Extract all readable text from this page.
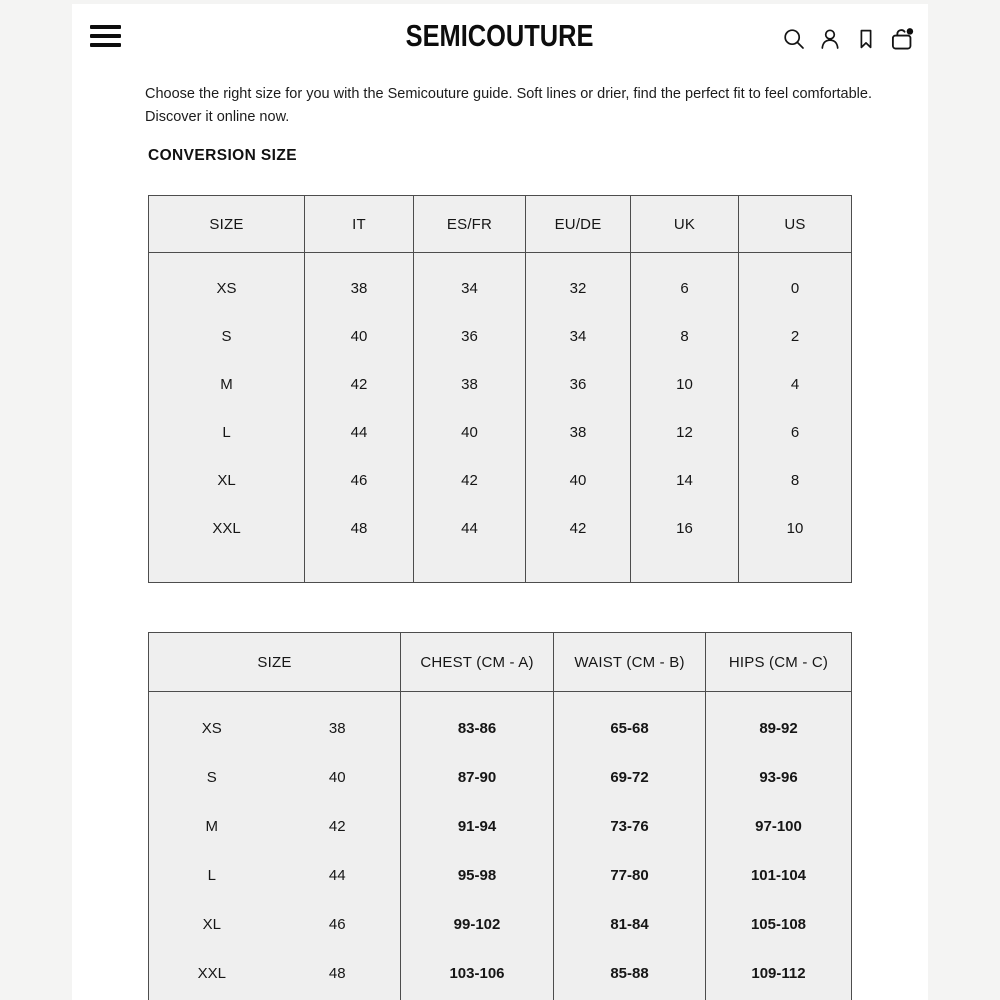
SEMICOUTURE
Choose the right size for you with the Semicouture guide. Soft lines or drier, find the perfect fit to feel comfortable.
Discover it online now.
CONVERSION SIZE
SIZE	IT	ES/FR	EU/DE	UK	US
XS	38	34	32	6	0
S	40	36	34	8	2
M	42	38	36	10	4
L	44	40	38	12	6
XL	46	42	40	14	8
XXL	48	44	42	16	10

SIZE	CHEST (CM - A)	WAIST (CM - B)	HIPS (CM - C)

XS 38	83-86	65-68	89-92

S 40	87-90	69-72	93-96

M 42	91-94	73-76	97-100

L 44	95-98	77-80	101-104

XL 46	99-102	81-84	105-108

XXL 48	103-106	85-88	109-112
